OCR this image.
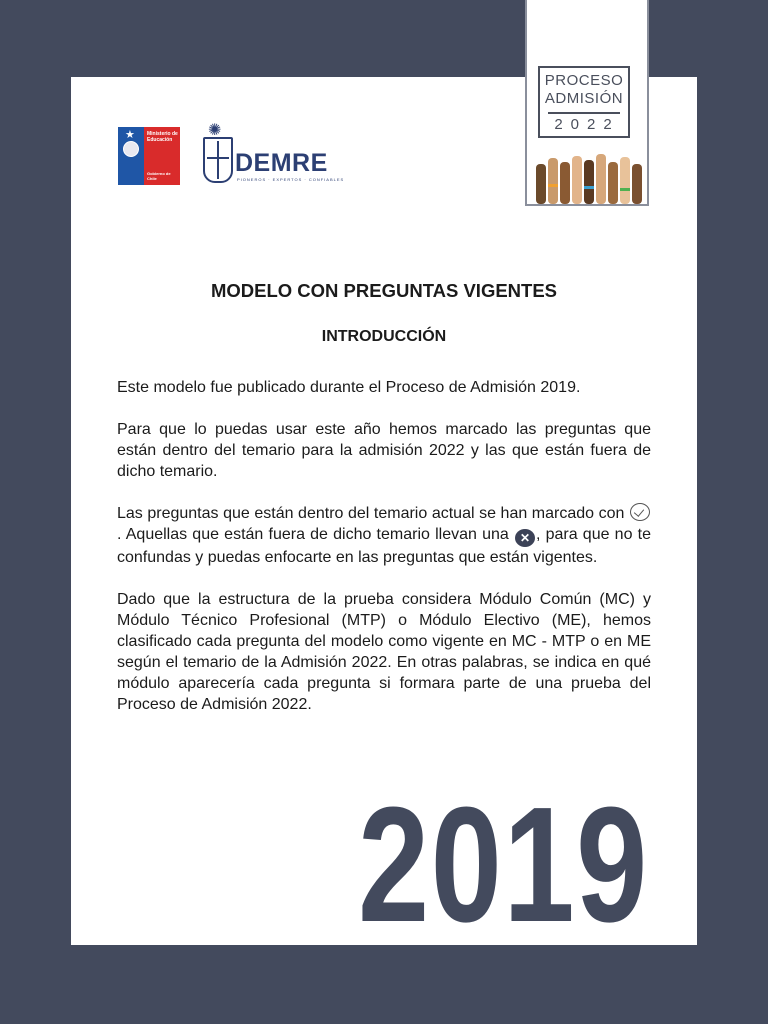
★ Ministerio de
Educación
Gobierno de Chile
✺
DEMRE
PIONEROS · EXPERTOS · CONFIABLES
MODELO CON PREGUNTAS VIGENTES
INTRODUCCIÓN

Este modelo fue publicado durante el Proceso de Admisión 2019.

Para que lo puedas usar este año hemos marcado las preguntas que están dentro del temario para la admisión 2022 y las que están fuera de dicho temario.

Las preguntas que están dentro del temario actual se han marcado con . Aquellas que están fuera de dicho temario llevan una ✕ , para que no te confundas y puedas enfocarte en las preguntas que están vigentes.

Dado que la estructura de la prueba considera Módulo Común (MC) y Módulo Técnico Profesional (MTP) o Módulo Electivo (ME), hemos clasificado cada pregunta del modelo como vigente en MC - MTP o en ME según el temario de la Admisión 2022. En otras palabras, se indica en qué módulo aparecería cada pregunta si formara parte de una prueba del Proceso de Admisión 2022.

2019
PROCESO
ADMISIÓN
2022
